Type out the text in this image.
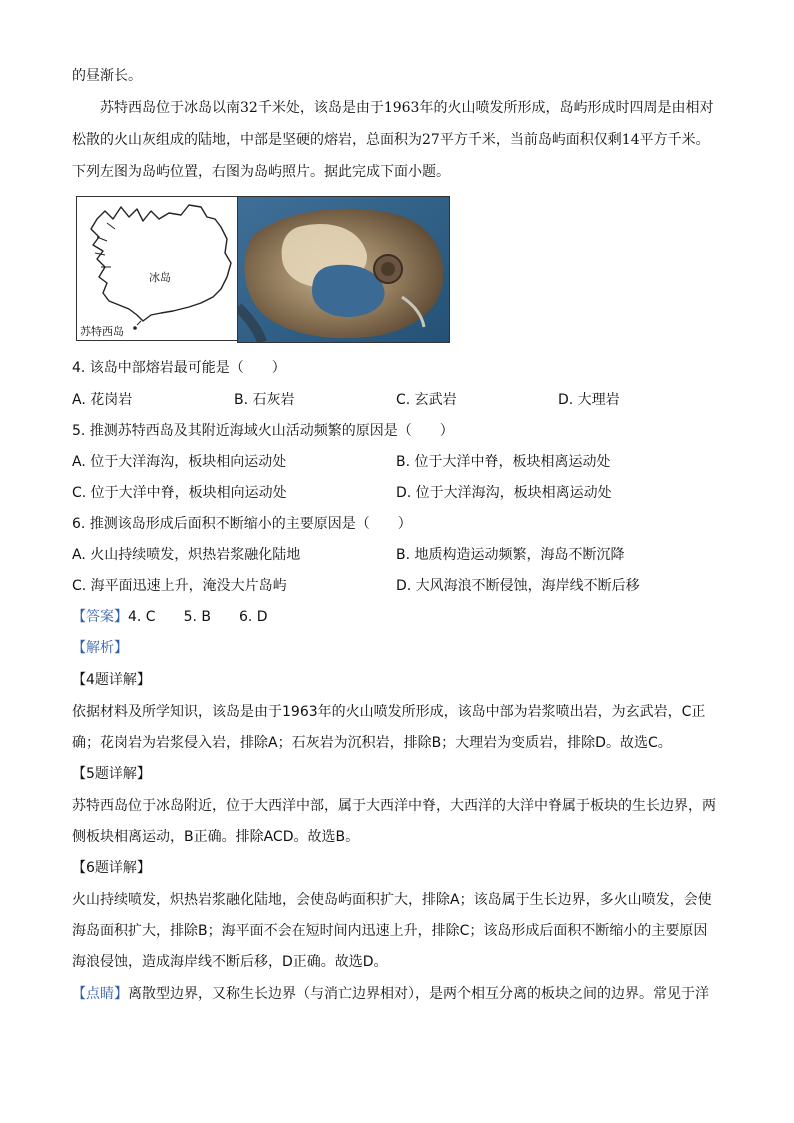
的昼渐长。
苏特西岛位于冰岛以南32千米处，该岛是由于1963年的火山喷发所形成，岛屿形成时四周是由相对
松散的火山灰组成的陆地，中部是坚硬的熔岩，总面积为27平方千米，当前岛屿面积仅剩14平方千米。
下列左图为岛屿位置，右图为岛屿照片。据此完成下面小题。
冰岛
苏特西岛
4. 该岛中部熔岩最可能是（　　）
A. 花岗岩	B. 石灰岩	C. 玄武岩	D. 大理岩
5. 推测苏特西岛及其附近海域火山活动频繁的原因是（　　）
A. 位于大洋海沟，板块相向运动处	B. 位于大洋中脊，板块相离运动处
C. 位于大洋中脊，板块相向运动处	D. 位于大洋海沟，板块相离运动处
6. 推测该岛形成后面积不断缩小的主要原因是（　　）
A. 火山持续喷发，炽热岩浆融化陆地	B. 地质构造运动频繁，海岛不断沉降
C. 海平面迅速上升，淹没大片岛屿	D. 大风海浪不断侵蚀，海岸线不断后移
【答案】4. C　　5. B　　6. D
【解析】
【4题详解】
依据材料及所学知识，该岛是由于1963年的火山喷发所形成，该岛中部为岩浆喷出岩，为玄武岩，C正
确；花岗岩为岩浆侵入岩，排除A；石灰岩为沉积岩，排除B；大理岩为变质岩，排除D。故选C。
【5题详解】
苏特西岛位于冰岛附近，位于大西洋中部，属于大西洋中脊，大西洋的大洋中脊属于板块的生长边界，两
侧板块相离运动，B正确。排除ACD。故选B。
【6题详解】
火山持续喷发，炽热岩浆融化陆地，会使岛屿面积扩大，排除A；该岛属于生长边界，多火山喷发，会使
海岛面积扩大，排除B；海平面不会在短时间内迅速上升，排除C；该岛形成后面积不断缩小的主要原因
海浪侵蚀，造成海岸线不断后移，D正确。故选D。
【点睛】离散型边界，又称生长边界（与消亡边界相对），是两个相互分离的板块之间的边界。常见于洋
